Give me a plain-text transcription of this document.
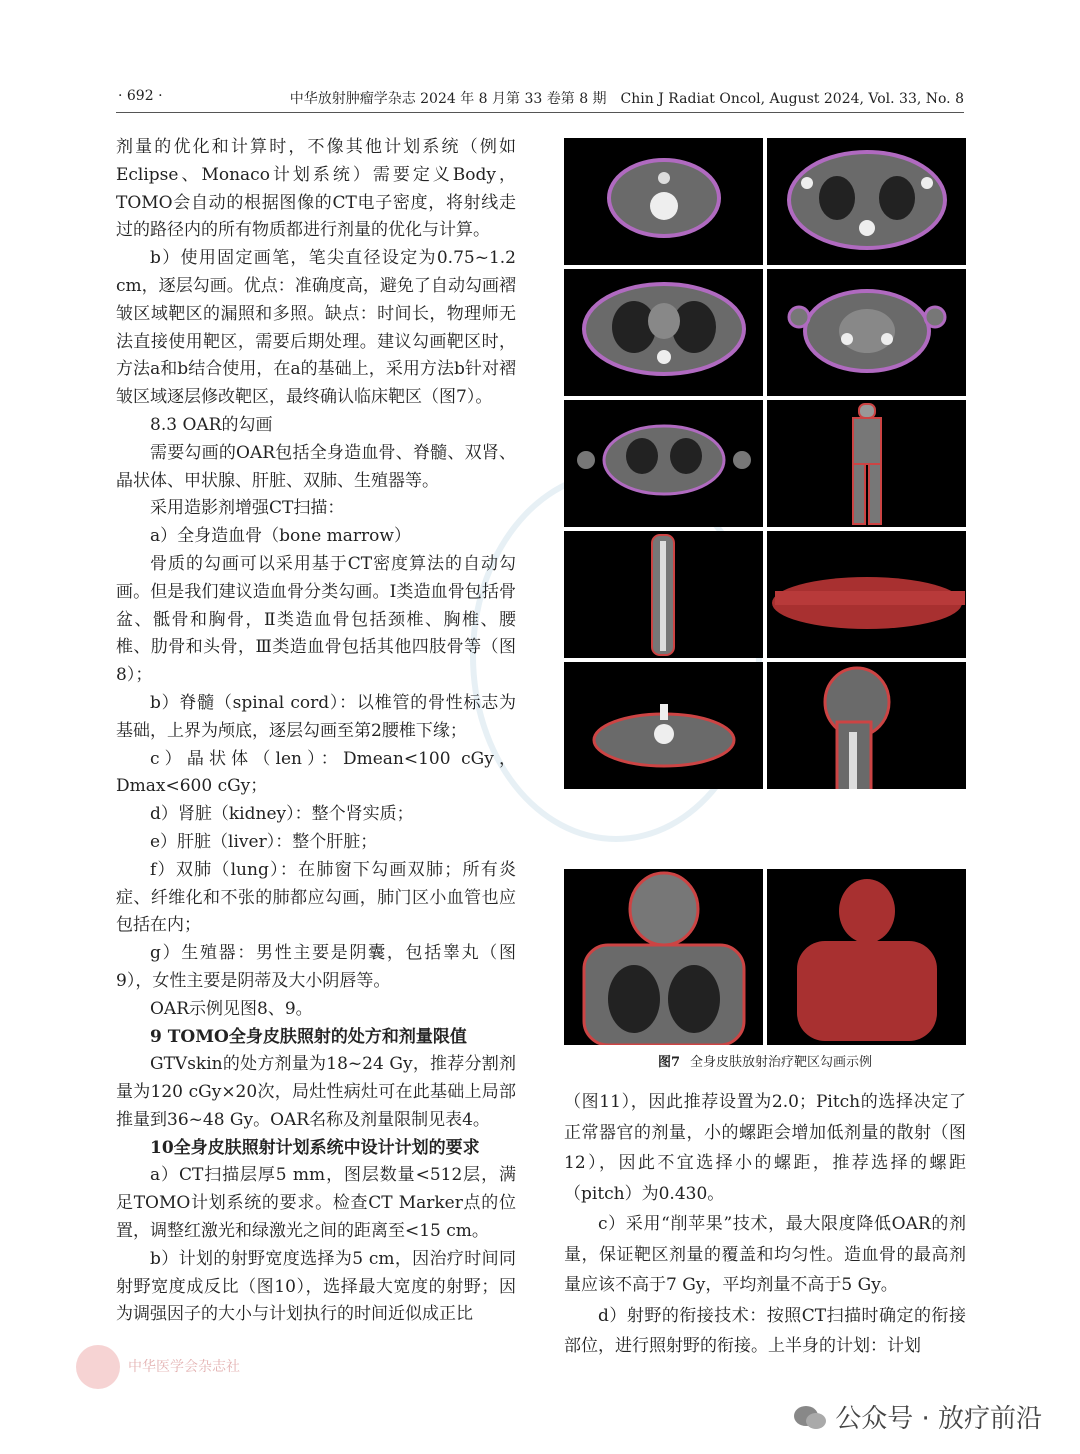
· 692 ·	中华放射肿瘤学杂志 2024 年 8 月第 33 卷第 8 期　Chin J Radiat Oncol, August 2024, Vol. 33, No. 8

剂量的优化和计算时，不像其他计划系统（例如Eclipse、Monaco计划系统）需要定义Body，TOMO会自动的根据图像的CT电子密度，将射线走过的路径内的所有物质都进行剂量的优化与计算。

b）使用固定画笔，笔尖直径设定为0.75~1.2 cm，逐层勾画。优点：准确度高，避免了自动勾画褶皱区域靶区的漏照和多照。缺点：时间长，物理师无法直接使用靶区，需要后期处理。建议勾画靶区时，方法a和b结合使用，在a的基础上，采用方法b针对褶皱区域逐层修改靶区，最终确认临床靶区（图7）。

8.3 OAR的勾画

需要勾画的OAR包括全身造血骨、脊髓、双肾、晶状体、甲状腺、肝脏、双肺、生殖器等。

采用造影剂增强CT扫描：

a）全身造血骨（bone marrow）

骨质的勾画可以采用基于CT密度算法的自动勾画。但是我们建议造血骨分类勾画。Ⅰ类造血骨包括骨盆、骶骨和胸骨，Ⅱ类造血骨包括颈椎、胸椎、腰椎、肋骨和头骨，Ⅲ类造血骨包括其他四肢骨等（图8）；

b）脊髓（spinal cord）：以椎管的骨性标志为基础，上界为颅底，逐层勾画至第2腰椎下缘；

c）晶状体（len）：Dmean<100 cGy，Dmax<600 cGy；

d）肾脏（kidney）：整个肾实质；

e）肝脏（liver）：整个肝脏；

f）双肺（lung）：在肺窗下勾画双肺；所有炎症、纤维化和不张的肺都应勾画，肺门区小血管也应包括在内；

g）生殖器：男性主要是阴囊，包括睾丸（图9），女性主要是阴蒂及大小阴唇等。

OAR示例见图8、9。

9 TOMO全身皮肤照射的处方和剂量限值

GTVskin的处方剂量为18~24 Gy，推荐分割剂量为120 cGy×20次，局灶性病灶可在此基础上局部推量到36~48 Gy。OAR名称及剂量限制见表4。

10全身皮肤照射计划系统中设计计划的要求

a）CT扫描层厚5 mm，图层数量<512层，满足TOMO计划系统的要求。检查CT Marker点的位置，调整红激光和绿激光之间的距离至<15 cm。

b）计划的射野宽度选择为5 cm，因治疗时间同射野宽度成反比（图10），选择最大宽度的射野；因为调强因子的大小与计划执行的时间近似成正比

图7 全身皮肤放射治疗靶区勾画示例

（图11），因此推荐设置为2.0；Pitch的选择决定了正常器官的剂量，小的螺距会增加低剂量的散射（图12），因此不宜选择小的螺距，推荐选择的螺距（pitch）为0.430。

c）采用“削苹果”技术，最大限度降低OAR的剂量，保证靶区剂量的覆盖和均匀性。造血骨的最高剂量应该不高于7 Gy，平均剂量不高于5 Gy。

d）射野的衔接技术：按照CT扫描时确定的衔接部位，进行照射野的衔接。上半身的计划：计划

中华医学会杂志社
公众号 · 放疗前沿
